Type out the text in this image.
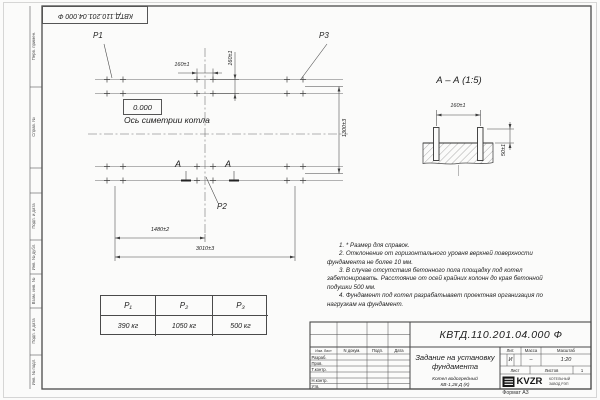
КВТД.110.201.04.000 Ф
Перв. примен.
Справ. №
Подп. и дата
Инв. № дубл.
Взам. инв. №
Подп. и дата
Инв. № подл.
P1	P3
P2
0.000
Ось симетрии котла
160±1	160±1
1300±3
1480±2
3010±3
А	А
А – А (1:5)
160±1
50±1

1. * Размер для справок.

2. Отклонение от горизонтального уровня верхней поверхности фундамента не более 10 мм.

3. В случае отсутствия бетонного пола площадку под котел забетонировать. Расстояние от осей крайних колонн до края бетонной подушки 500 мм.

4. Фундамент под котел разрабатывает проектная организация по нагрузкам на фундамент.

Р₁	Р₂	Р₃
390 кг	1050 кг	500 кг
КВТД.110.201.04.000 Ф
Задание на установку фундамента
Котел водогрейный
КВ-1,28 Д (К)
Изм. Лист	N докум.	Подп.	Дата
Разраб.
Пров.
Т.контр.
Н.контр.
Утв.
Лит.	Масса	Масштаб
И	–	1:20
Лист	Листов	1
KVZR КОТЕЛЬНЫЙ
ЗАВОД РЭП
Формат А3
